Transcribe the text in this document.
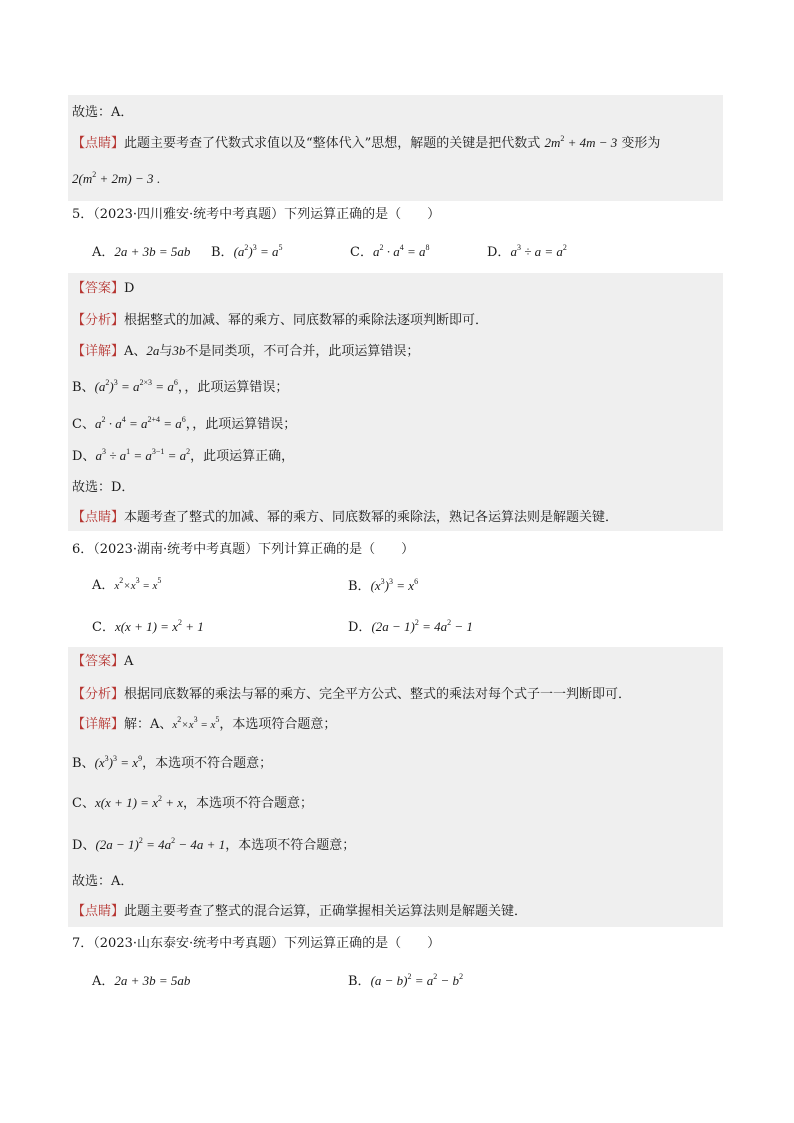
故选：A．
【点睛】此题主要考查了代数式求值以及“整体代入”思想，解题的关键是把代数式 $2m^2 + 4m - 3$ 变形为
$2(m^2 + 2m) - 3$ .
5．（2023·四川雅安·统考中考真题）下列运算正确的是（　　）
A．2a + 3b = 5ab B．$(a^2)^3 = a^5$	C．$a^2 \cdot a^4 = a^8$	D．$a^3 \div a = a^2$
【答案】D
【分析】根据整式的加减、幂的乘方、同底数幂的乘除法逐项判断即可．
【详解】A、2a与3b不是同类项，不可合并，此项运算错误；
B、$(a^2)^3 = a^{2\times 3} = a^6$，，此项运算错误；
C、$a^2 \cdot a^4 = a^{2+4} = a^6$，，此项运算错误；
D、$a^3 \div a^1 = a^{3-1} = a^2$，此项运算正确，
故选：D．
【点睛】本题考查了整式的加减、幂的乘方、同底数幂的乘除法，熟记各运算法则是解题关键．
6．（2023·湖南·统考中考真题）下列计算正确的是（　　）
A．$x^2\times x^3 = x^5$	B．$(x^3)^3 = x^6$
C．$x(x + 1) = x^2 + 1$	D．$(2a - 1)^2 = 4a^2 - 1$
【答案】A
【分析】根据同底数幂的乘法与幂的乘方、完全平方公式、整式的乘法对每个式子一一判断即可．
【详解】解：A、$x^2\times x^3 = x^5$，本选项符合题意；
B、$(x^3)^3 = x^9$，本选项不符合题意；
C、$x(x + 1) = x^2 + x$，本选项不符合题意；
D、$(2a - 1)^2 = 4a^2 - 4a + 1$，本选项不符合题意；
故选：A．
【点睛】此题主要考查了整式的混合运算，正确掌握相关运算法则是解题关键．
7．（2023·山东泰安·统考中考真题）下列运算正确的是（　　）
A．2a + 3b = 5ab	B．$(a - b)^2 = a^2 - b^2$
